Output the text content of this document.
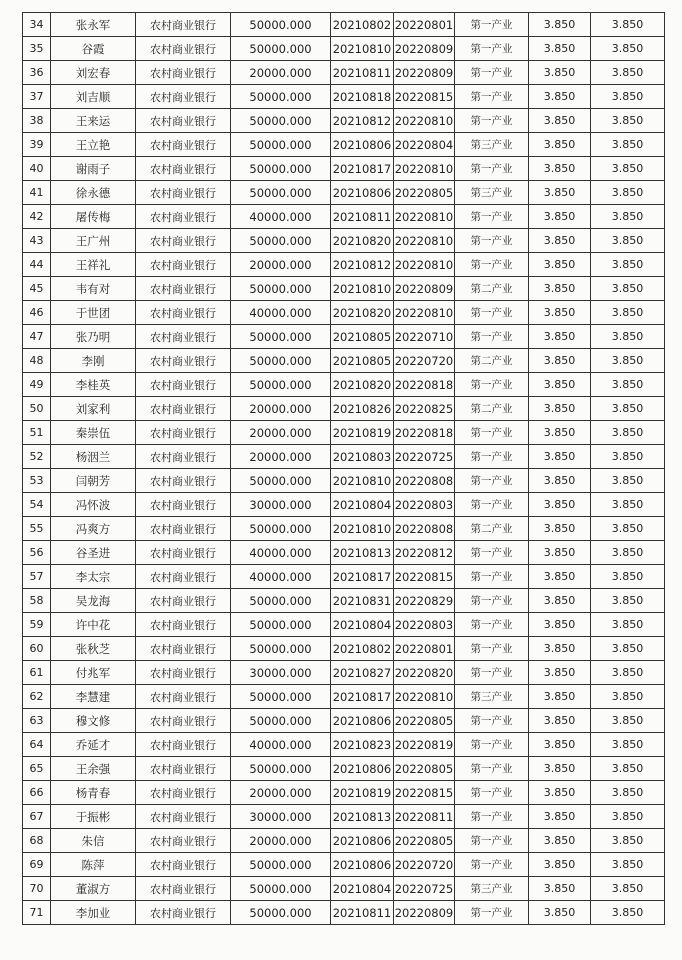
34	张永军	农村商业银行	50000.000	20210802	20220801	第一产业	3.850	3.850
35	谷霞	农村商业银行	50000.000	20210810	20220809	第一产业	3.850	3.850
36	刘宏春	农村商业银行	20000.000	20210811	20220809	第一产业	3.850	3.850
37	刘吉顺	农村商业银行	50000.000	20210818	20220815	第一产业	3.850	3.850
38	王来运	农村商业银行	50000.000	20210812	20220810	第一产业	3.850	3.850
39	王立艳	农村商业银行	50000.000	20210806	20220804	第三产业	3.850	3.850
40	谢雨子	农村商业银行	50000.000	20210817	20220810	第一产业	3.850	3.850
41	徐永德	农村商业银行	50000.000	20210806	20220805	第三产业	3.850	3.850
42	屠传梅	农村商业银行	40000.000	20210811	20220810	第一产业	3.850	3.850
43	王广州	农村商业银行	50000.000	20210820	20220810	第一产业	3.850	3.850
44	王祥礼	农村商业银行	20000.000	20210812	20220810	第一产业	3.850	3.850
45	韦有对	农村商业银行	50000.000	20210810	20220809	第二产业	3.850	3.850
46	于世团	农村商业银行	40000.000	20210820	20220810	第一产业	3.850	3.850
47	张乃明	农村商业银行	50000.000	20210805	20220710	第一产业	3.850	3.850
48	李刚	农村商业银行	50000.000	20210805	20220720	第二产业	3.850	3.850
49	李桂英	农村商业银行	50000.000	20210820	20220818	第一产业	3.850	3.850
50	刘家利	农村商业银行	20000.000	20210826	20220825	第二产业	3.850	3.850
51	秦崇伍	农村商业银行	20000.000	20210819	20220818	第一产业	3.850	3.850
52	杨洇兰	农村商业银行	20000.000	20210803	20220725	第一产业	3.850	3.850
53	闫朝芳	农村商业银行	50000.000	20210810	20220808	第一产业	3.850	3.850
54	冯怀波	农村商业银行	30000.000	20210804	20220803	第一产业	3.850	3.850
55	冯爽方	农村商业银行	50000.000	20210810	20220808	第二产业	3.850	3.850
56	谷圣进	农村商业银行	40000.000	20210813	20220812	第一产业	3.850	3.850
57	李太宗	农村商业银行	40000.000	20210817	20220815	第一产业	3.850	3.850
58	吴龙海	农村商业银行	50000.000	20210831	20220829	第一产业	3.850	3.850
59	许中花	农村商业银行	50000.000	20210804	20220803	第一产业	3.850	3.850
60	张秋芝	农村商业银行	50000.000	20210802	20220801	第一产业	3.850	3.850
61	付兆军	农村商业银行	30000.000	20210827	20220820	第一产业	3.850	3.850
62	李慧建	农村商业银行	50000.000	20210817	20220810	第三产业	3.850	3.850
63	穆文修	农村商业银行	50000.000	20210806	20220805	第一产业	3.850	3.850
64	乔延才	农村商业银行	40000.000	20210823	20220819	第一产业	3.850	3.850
65	王余强	农村商业银行	50000.000	20210806	20220805	第一产业	3.850	3.850
66	杨青春	农村商业银行	20000.000	20210819	20220815	第一产业	3.850	3.850
67	于振彬	农村商业银行	30000.000	20210813	20220811	第一产业	3.850	3.850
68	朱信	农村商业银行	20000.000	20210806	20220805	第一产业	3.850	3.850
69	陈萍	农村商业银行	50000.000	20210806	20220720	第一产业	3.850	3.850
70	董淑方	农村商业银行	50000.000	20210804	20220725	第三产业	3.850	3.850
71	李加业	农村商业银行	50000.000	20210811	20220809	第一产业	3.850	3.850
